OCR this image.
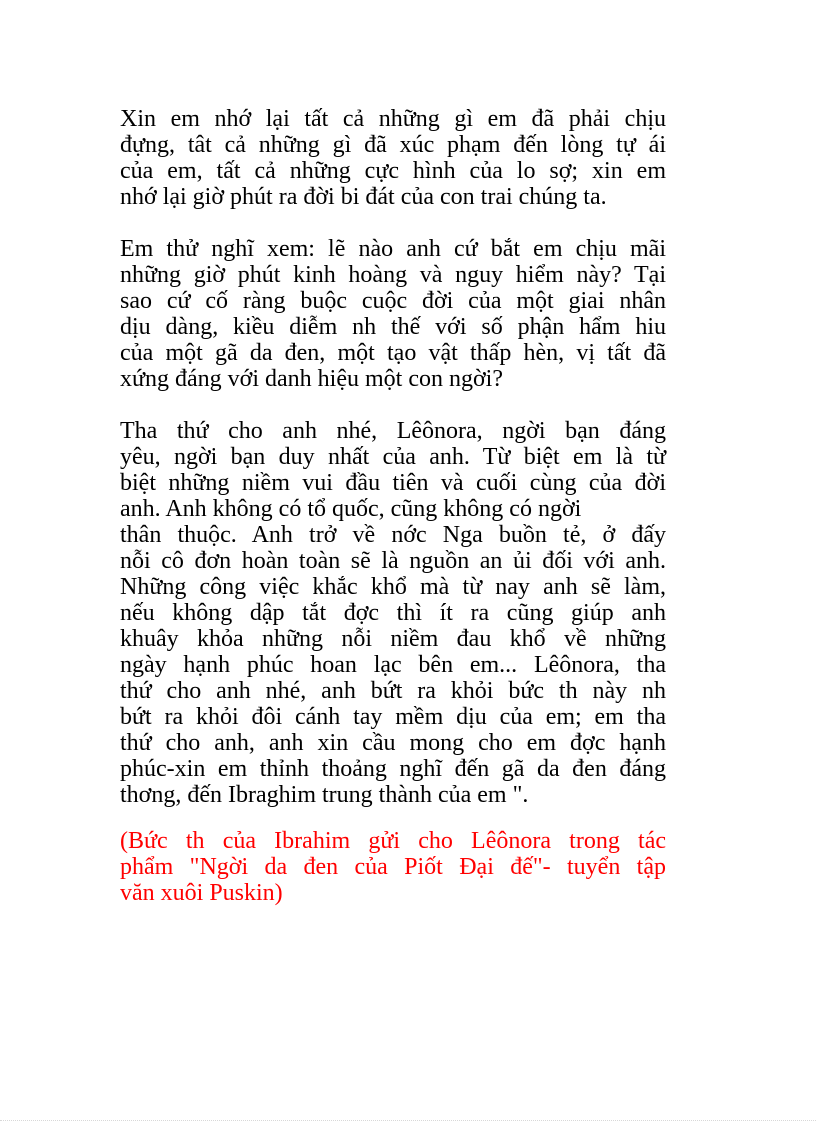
Xin em nhớ lại tất cả những gì em đã phải chịu
đựng, tât cả những gì đã xúc phạm đến lòng tự ái
của em, tất cả những cực hình của lo sợ; xin em
nhớ lại giờ phút ra đời bi đát của con trai chúng ta.
Em thử nghĩ xem: lẽ nào anh cứ bắt em chịu mãi
những giờ phút kinh hoàng và nguy hiểm này? Tại
sao cứ cố ràng buộc cuộc đời của một giai nhân
dịu dàng, kiều diễm nh thế với số phận hẩm hiu
của một gã da đen, một tạo vật thấp hèn, vị tất đã
xứng đáng với danh hiệu một con ngời?
Tha thứ cho anh nhé, Lêônora, ngời bạn đáng
yêu, ngời bạn duy nhất của anh. Từ biệt em là từ
biệt những niềm vui đầu tiên và cuối cùng của đời
anh. Anh không có tổ quốc, cũng không có ngời
thân thuộc. Anh trở về nớc Nga buồn tẻ, ở đấy
nỗi cô đơn hoàn toàn sẽ là nguồn an ủi đối với anh.
Những công việc khắc khổ mà từ nay anh sẽ làm,
nếu không dập tắt đợc thì ít ra cũng giúp anh
khuây khỏa những nỗi niềm đau khổ về những
ngày hạnh phúc hoan lạc bên em... Lêônora, tha
thứ cho anh nhé, anh bứt ra khỏi bức th này nh
bứt ra khỏi đôi cánh tay mềm dịu của em; em tha
thứ cho anh, anh xin cầu mong cho em đợc hạnh
phúc-xin em thỉnh thoảng nghĩ đến gã da đen đáng
thơng, đến Ibraghim trung thành của em ".
(Bức th của Ibrahim gửi cho Lêônora trong tác
phẩm "Ngời da đen của Piốt Đại đế"- tuyển tập
văn xuôi Puskin)
